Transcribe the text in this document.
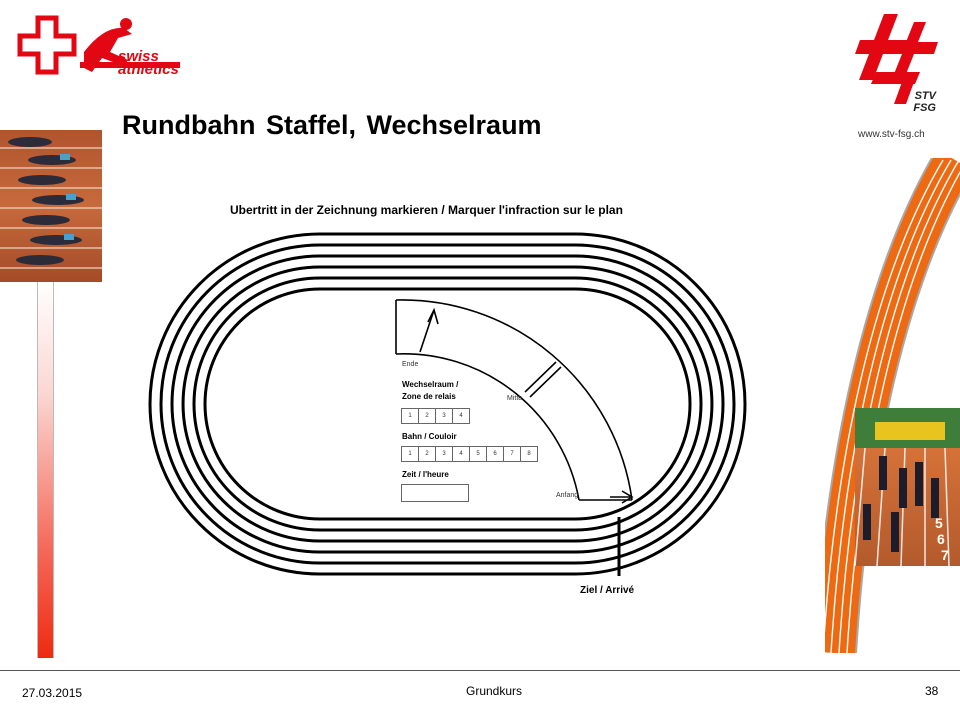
swiss
athletics
STV
FSG
www.stv-fsg.ch
Rundbahn Staffel, Wechselraum
5
6
7
Ubertritt in der Zeichnung markieren / Marquer l'infraction sur le plan
Ende
Mitte
Anfang
Wechselraum /
Zone de relais
1	2	3	4
Bahn / Couloir
1	2	3	4	5	6	7	8
Zeit / l'heure
Ziel / Arrivé
27.03.2015	Grundkurs	38
